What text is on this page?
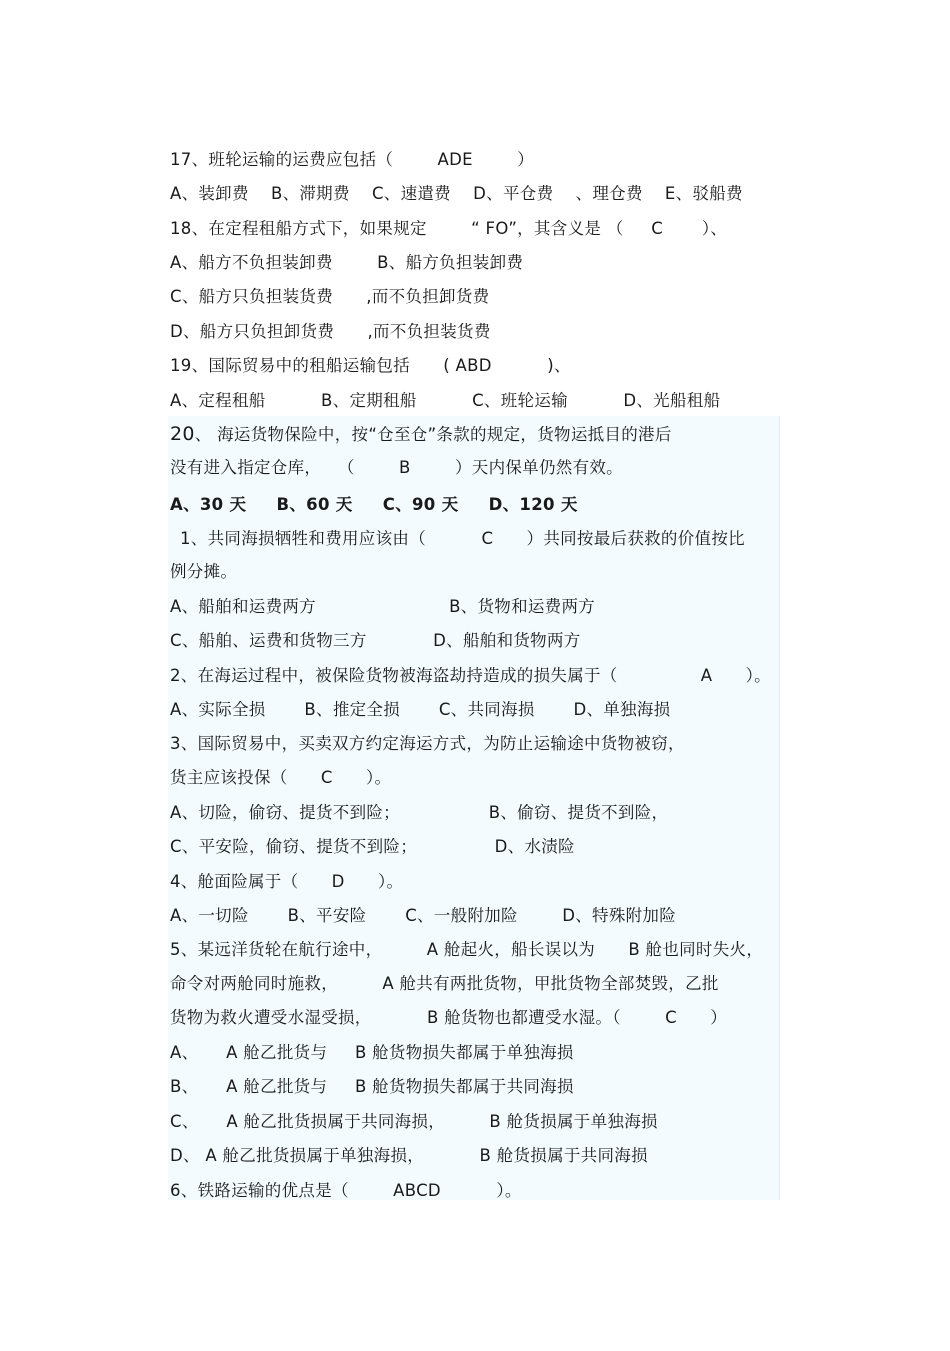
17、班轮运输的运费应包括（        ADE        ）
A、装卸费    B、滞期费    C、速遣费    D、平仓费    、理仓费    E、驳船费
18、在定程租船方式下，如果规定        “ FO”，其含义是 （     C       ）、
A、船方不负担装卸费        B、船方负担装卸费
C、船方只负担装货费      ,而不负担卸货费
D、船方只负担卸货费      ,而不负担装货费
19、国际贸易中的租船运输包括      ( ABD          )、
A、定程租船          B、定期租船          C、班轮运输          D、光船租船
20、 海运货物保险中，按“仓至仓”条款的规定，货物运抵目的港后
没有进入指定仓库，   （        B        ）天内保单仍然有效。
A、30 天     B、60 天     C、90 天     D、120 天
1、共同海损牺牲和费用应该由（          C      ）共同按最后获救的价值按比
例分摊。
A、船舶和运费两方                        B、货物和运费两方
C、船舶、运费和货物三方            D、船舶和货物两方
2、在海运过程中，被保险货物被海盗劫持造成的损失属于（               A      ）。
A、实际全损       B、推定全损       C、共同海损       D、单独海损
3、国际贸易中，买卖双方约定海运方式，为防止运输途中货物被窃，
货主应该投保（      C      ）。
A、切险，偷窃、提货不到险；                B、偷窃、提货不到险，
C、平安险，偷窃、提货不到险；              D、水渍险
4、舱面险属于（      D      ）。
A、一切险       B、平安险       C、一般附加险        D、特殊附加险
5、某远洋货轮在航行途中，        A 舱起火，船长误以为      B 舱也同时失火，
命令对两舱同时施救，        A 舱共有两批货物，甲批货物全部焚毁，乙批
货物为救火遭受水湿受损，          B 舱货物也都遭受水湿。（        C      ）
A、     A 舱乙批货与     B 舱货物损失都属于单独海损
B、     A 舱乙批货与     B 舱货物损失都属于共同海损
C、     A 舱乙批货损属于共同海损，        B 舱货损属于单独海损
D、 A 舱乙批货损属于单独海损，          B 舱货损属于共同海损
6、铁路运输的优点是（        ABCD          ）。
